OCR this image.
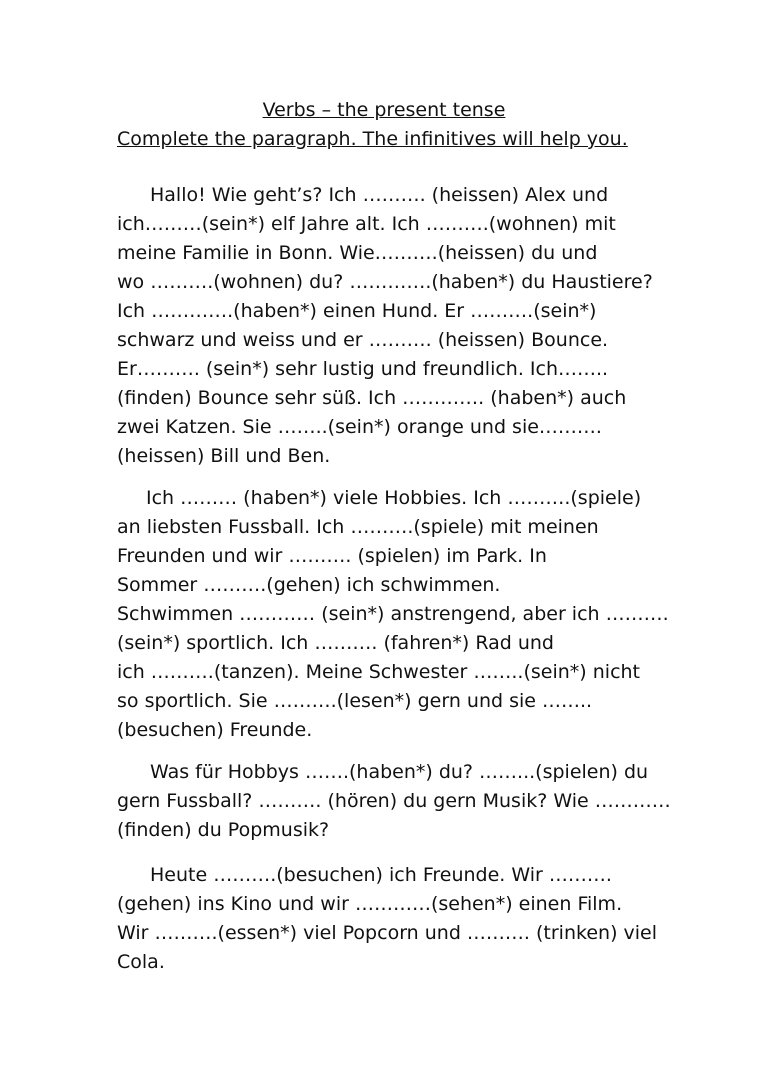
Verbs – the present tense
Complete the paragraph. The infinitives will help you.
Hallo! Wie geht’s? Ich ………. (heissen) Alex und
ich………(sein*) elf Jahre alt. Ich ……….(wohnen) mit
meine Familie in Bonn. Wie……….(heissen) du und
wo ……….(wohnen) du? ………….(haben*) du Haustiere?
Ich ………….(haben*) einen Hund. Er ……….(sein*)
schwarz und weiss und er ………. (heissen) Bounce.
Er………. (sein*) sehr lustig und freundlich. Ich……..
(finden) Bounce sehr süß. Ich …………. (haben*) auch
zwei Katzen. Sie ……..(sein*) orange und sie……….
(heissen) Bill und Ben.
Ich ……… (haben*) viele Hobbies. Ich ……….(spiele)
an liebsten Fussball. Ich ……….(spiele) mit meinen
Freunden und wir ………. (spielen) im Park. In
Sommer ……….(gehen) ich schwimmen.
Schwimmen ………… (sein*) anstrengend, aber ich ……….
(sein*) sportlich. Ich ………. (fahren*) Rad und
ich ……….(tanzen). Meine Schwester ……..(sein*) nicht
so sportlich. Sie ……….(lesen*) gern und sie ……..
(besuchen) Freunde.
Was für Hobbys …….(haben*) du? ……...(spielen) du
gern Fussball? ………. (hören) du gern Musik? Wie …………
(finden) du Popmusik?
Heute ……….(besuchen) ich Freunde. Wir ……….
(gehen) ins Kino und wir …………(sehen*) einen Film.
Wir ……….(essen*) viel Popcorn und ………. (trinken) viel
Cola.
